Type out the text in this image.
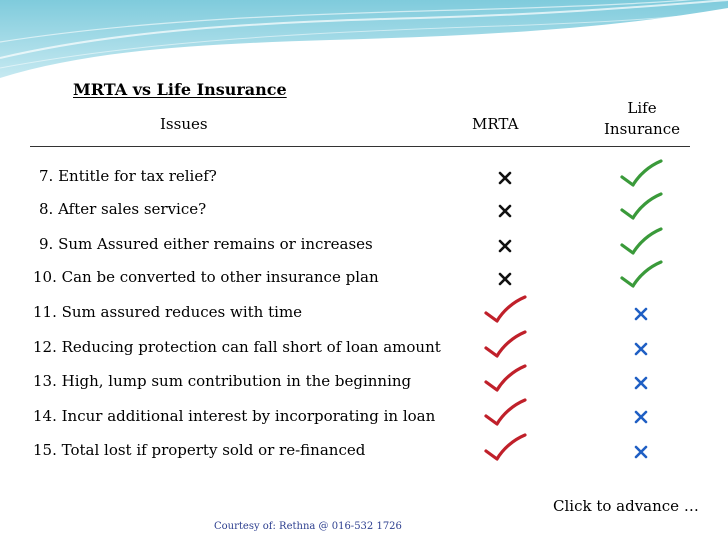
MRTA vs Life Insurance
Issues	MRTA
Life Insurance
7. Entitle for tax relief?
8. After sales service?
9. Sum Assured either remains or increases
10. Can be converted to other insurance plan
11. Sum assured reduces with time
12. Reducing protection can fall short of loan amount
13. High, lump sum contribution in the beginning
14. Incur additional interest by incorporating in loan
15. Total lost if property sold or re-financed
Click to advance …
Courtesy of: Rethna @ 016-532 1726
